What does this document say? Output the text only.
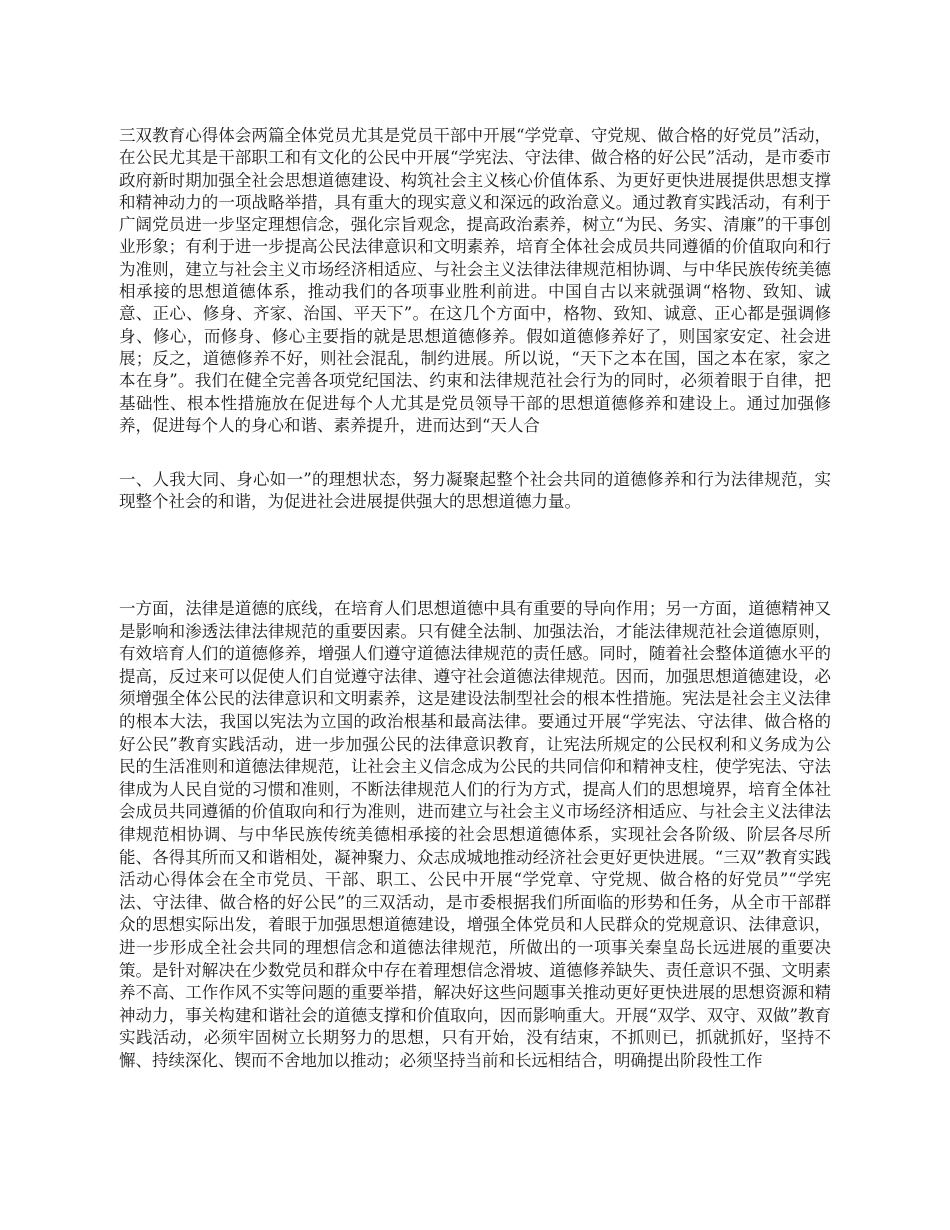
三双教育心得体会两篇全体党员尤其是党员干部中开展“学党章、守党规、做合格的好党员”活动，在公民尤其是干部职工和有文化的公民中开展“学宪法、守法律、做合格的好公民”活动，是市委市政府新时期加强全社会思想道德建设、构筑社会主义核心价值体系、为更好更快进展提供思想支撑和精神动力的一项战略举措，具有重大的现实意义和深远的政治意义。通过教育实践活动，有利于广阔党员进一步坚定理想信念，强化宗旨观念，提高政治素养，树立“为民、务实、清廉”的干事创业形象；有利于进一步提高公民法律意识和文明素养，培育全体社会成员共同遵循的价值取向和行为准则，建立与社会主义市场经济相适应、与社会主义法律法律规范相协调、与中华民族传统美德相承接的思想道德体系，推动我们的各项事业胜利前进。中国自古以来就强调“格物、致知、诚意、正心、修身、齐家、治国、平天下”。在这几个方面中，格物、致知、诚意、正心都是强调修身、修心，而修身、修心主要指的就是思想道德修养。假如道德修养好了，则国家安定、社会进展；反之，道德修养不好，则社会混乱，制约进展。所以说，“天下之本在国，国之本在家，家之本在身”。我们在健全完善各项党纪国法、约束和法律规范社会行为的同时，必须着眼于自律，把基础性、根本性措施放在促进每个人尤其是党员领导干部的思想道德修养和建设上。通过加强修养，促进每个人的身心和谐、素养提升，进而达到“天人合

一、人我大同、身心如一”的理想状态，努力凝聚起整个社会共同的道德修养和行为法律规范，实现整个社会的和谐，为促进社会进展提供强大的思想道德力量。

一方面，法律是道德的底线，在培育人们思想道德中具有重要的导向作用；另一方面，道德精神又是影响和渗透法律法律规范的重要因素。只有健全法制、加强法治，才能法律规范社会道德原则，有效培育人们的道德修养，增强人们遵守道德法律规范的责任感。同时，随着社会整体道德水平的提高，反过来可以促使人们自觉遵守法律、遵守社会道德法律规范。因而，加强思想道德建设，必须增强全体公民的法律意识和文明素养，这是建设法制型社会的根本性措施。宪法是社会主义法律的根本大法，我国以宪法为立国的政治根基和最高法律。要通过开展“学宪法、守法律、做合格的好公民”教育实践活动，进一步加强公民的法律意识教育，让宪法所规定的公民权利和义务成为公民的生活准则和道德法律规范，让社会主义信念成为公民的共同信仰和精神支柱，使学宪法、守法律成为人民自觉的习惯和准则，不断法律规范人们的行为方式，提高人们的思想境界，培育全体社会成员共同遵循的价值取向和行为准则，进而建立与社会主义市场经济相适应、与社会主义法律法律规范相协调、与中华民族传统美德相承接的社会思想道德体系，实现社会各阶级、阶层各尽所能、各得其所而又和谐相处，凝神聚力、众志成城地推动经济社会更好更快进展。“三双”教育实践活动心得体会在全市党员、干部、职工、公民中开展“学党章、守党规、做合格的好党员”“学宪法、守法律、做合格的好公民”的三双活动，是市委根据我们所面临的形势和任务，从全市干部群众的思想实际出发，着眼于加强思想道德建设，增强全体党员和人民群众的党规意识、法律意识，进一步形成全社会共同的理想信念和道德法律规范，所做出的一项事关秦皇岛长远进展的重要决策。是针对解决在少数党员和群众中存在着理想信念滑坡、道德修养缺失、责任意识不强、文明素养不高、工作作风不实等问题的重要举措，解决好这些问题事关推动更好更快进展的思想资源和精神动力，事关构建和谐社会的道德支撑和价值取向，因而影响重大。开展“双学、双守、双做”教育实践活动，必须牢固树立长期努力的思想，只有开始，没有结束，不抓则已，抓就抓好，坚持不懈、持续深化、锲而不舍地加以推动；必须坚持当前和长远相结合，明确提出阶段性工作
